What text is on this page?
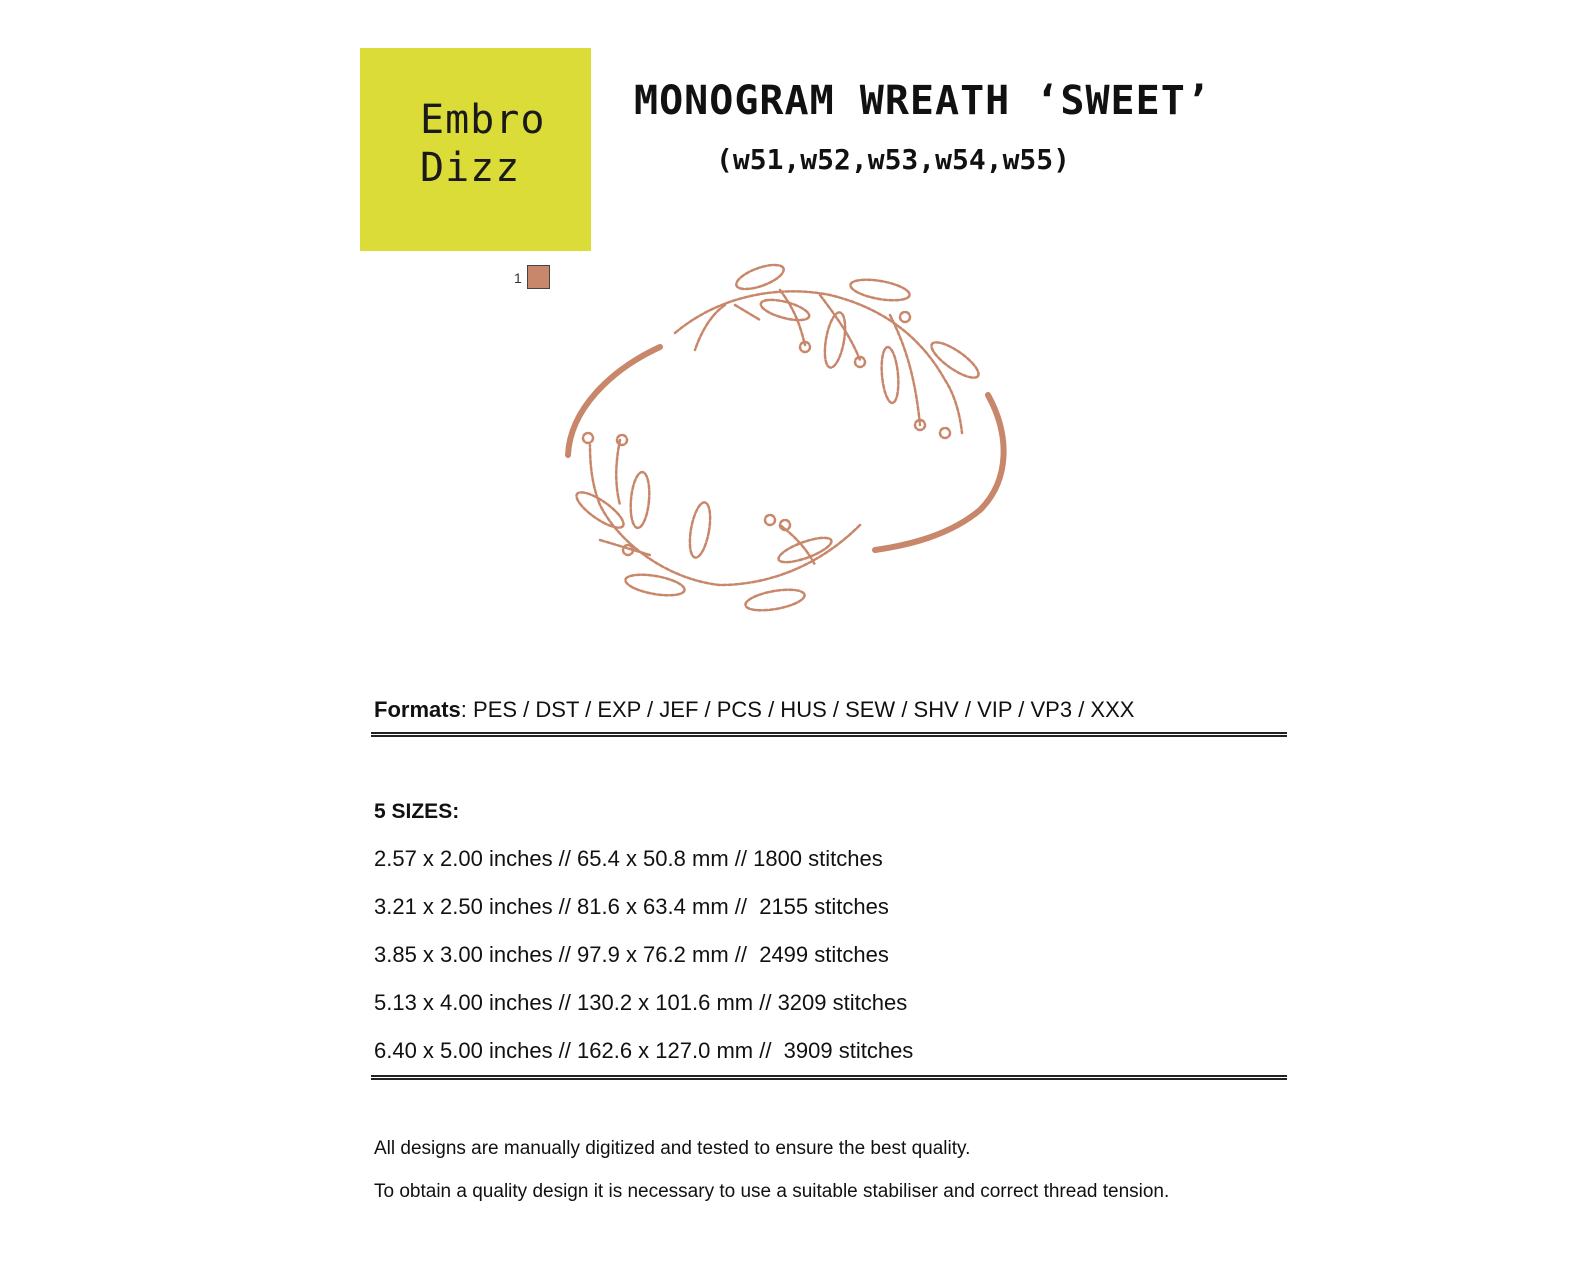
Embro
Dizz
MONOGRAM WREATH ‘SWEET’
(w51,w52,w53,w54,w55)
1
Formats: PES / DST / EXP / JEF / PCS / HUS / SEW / SHV / VIP / VP3 / XXX
5 SIZES:
2.57 x 2.00 inches // 65.4 x 50.8 mm // 1800 stitches
3.21 x 2.50 inches // 81.6 x 63.4 mm //  2155 stitches
3.85 x 3.00 inches // 97.9 x 76.2 mm //  2499 stitches
5.13 x 4.00 inches // 130.2 x 101.6 mm // 3209 stitches
6.40 x 5.00 inches // 162.6 x 127.0 mm //  3909 stitches
All designs are manually digitized and tested to ensure the best quality.
To obtain a quality design it is necessary to use a suitable stabiliser and correct thread tension.
